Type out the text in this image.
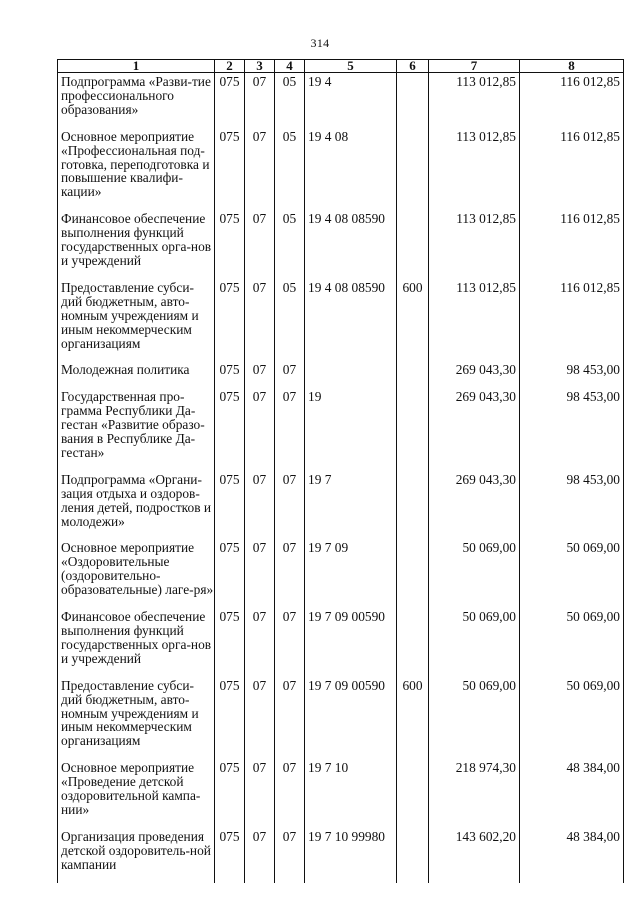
314
1	2	3	4	5	6	7	8
Подпрограмма «Разви-тие профессионального образования»	075	07	05	19 4		113 012,85	116 012,85
Основное мероприятие «Профессиональная под-готовка, переподготовка и повышение квалифи-кации»	075	07	05	19 4 08		113 012,85	116 012,85
Финансовое обеспечение выполнения функций государственных орга-нов и учреждений	075	07	05	19 4 08 08590		113 012,85	116 012,85
Предоставление субси-дий бюджетным, авто-номным учреждениям и иным некоммерческим организациям	075	07	05	19 4 08 08590	600	113 012,85	116 012,85
Молодежная политика	075	07	07			269 043,30	98 453,00
Государственная про-грамма Республики Да-гестан «Развитие образо-вания в Республике Да-гестан»	075	07	07	19		269 043,30	98 453,00
Подпрограмма «Органи-зация отдыха и оздоров-ления детей, подростков и молодежи»	075	07	07	19 7		269 043,30	98 453,00
Основное мероприятие «Оздоровительные (оздоровительно-образовательные) лаге-ря»	075	07	07	19 7 09		50 069,00	50 069,00
Финансовое обеспечение выполнения функций государственных орга-нов и учреждений	075	07	07	19 7 09 00590		50 069,00	50 069,00
Предоставление субси-дий бюджетным, авто-номным учреждениям и иным некоммерческим организациям	075	07	07	19 7 09 00590	600	50 069,00	50 069,00
Основное мероприятие «Проведение детской оздоровительной кампа-нии»	075	07	07	19 7 10		218 974,30	48 384,00
Организация проведения детской оздоровитель-ной кампании	075	07	07	19 7 10 99980		143 602,20	48 384,00
